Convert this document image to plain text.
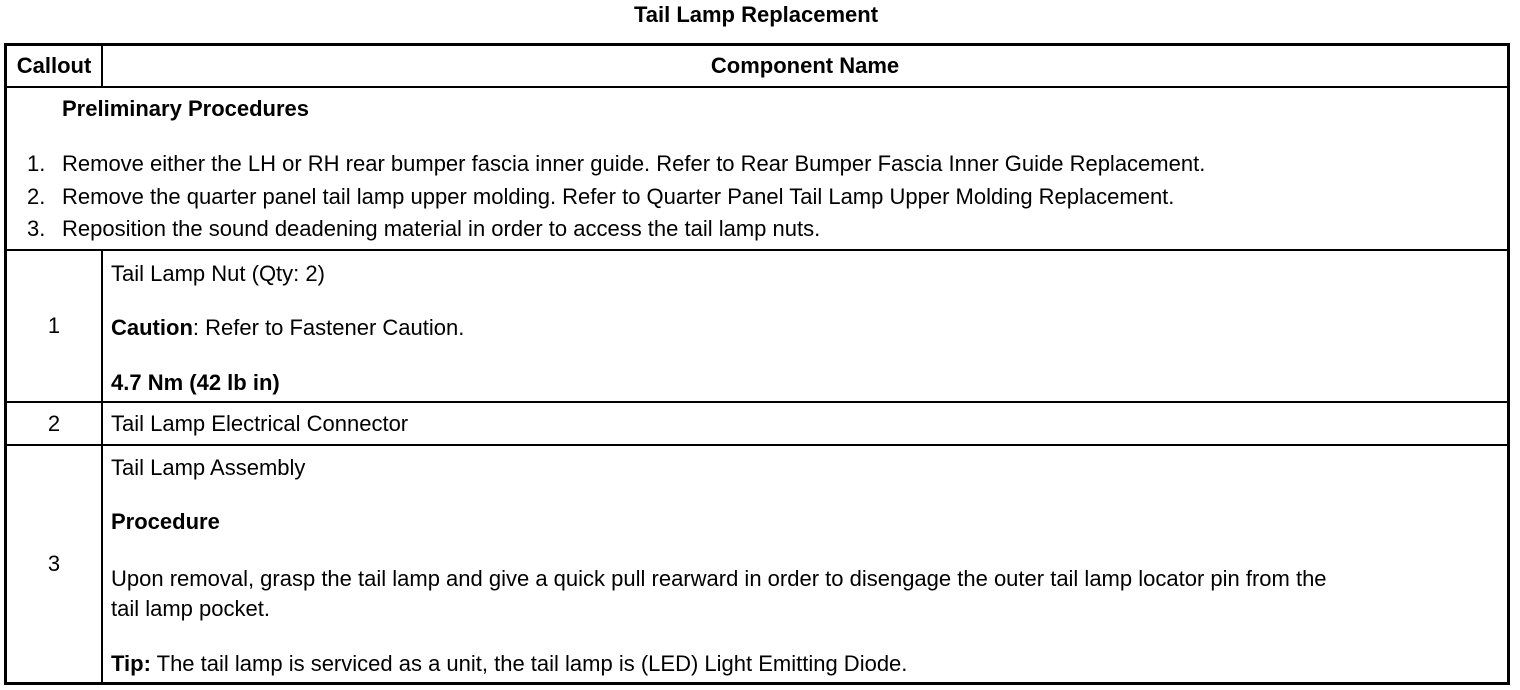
Tail Lamp Replacement
Callout	Component Name
Preliminary Procedures
1. Remove either the LH or RH rear bumper fascia inner guide. Refer to Rear Bumper Fascia Inner Guide Replacement.
2. Remove the quarter panel tail lamp upper molding. Refer to Quarter Panel Tail Lamp Upper Molding Replacement.
3. Reposition the sound deadening material in order to access the tail lamp nuts.
1
Tail Lamp Nut (Qty: 2)
Caution: Refer to Fastener Caution.
4.7 Nm (42 lb in)
2	Tail Lamp Electrical Connector
3
Tail Lamp Assembly
Procedure
Upon removal, grasp the tail lamp and give a quick pull rearward in order to disengage the outer tail lamp locator pin from the
tail lamp pocket.
Tip: The tail lamp is serviced as a unit, the tail lamp is (LED) Light Emitting Diode.
